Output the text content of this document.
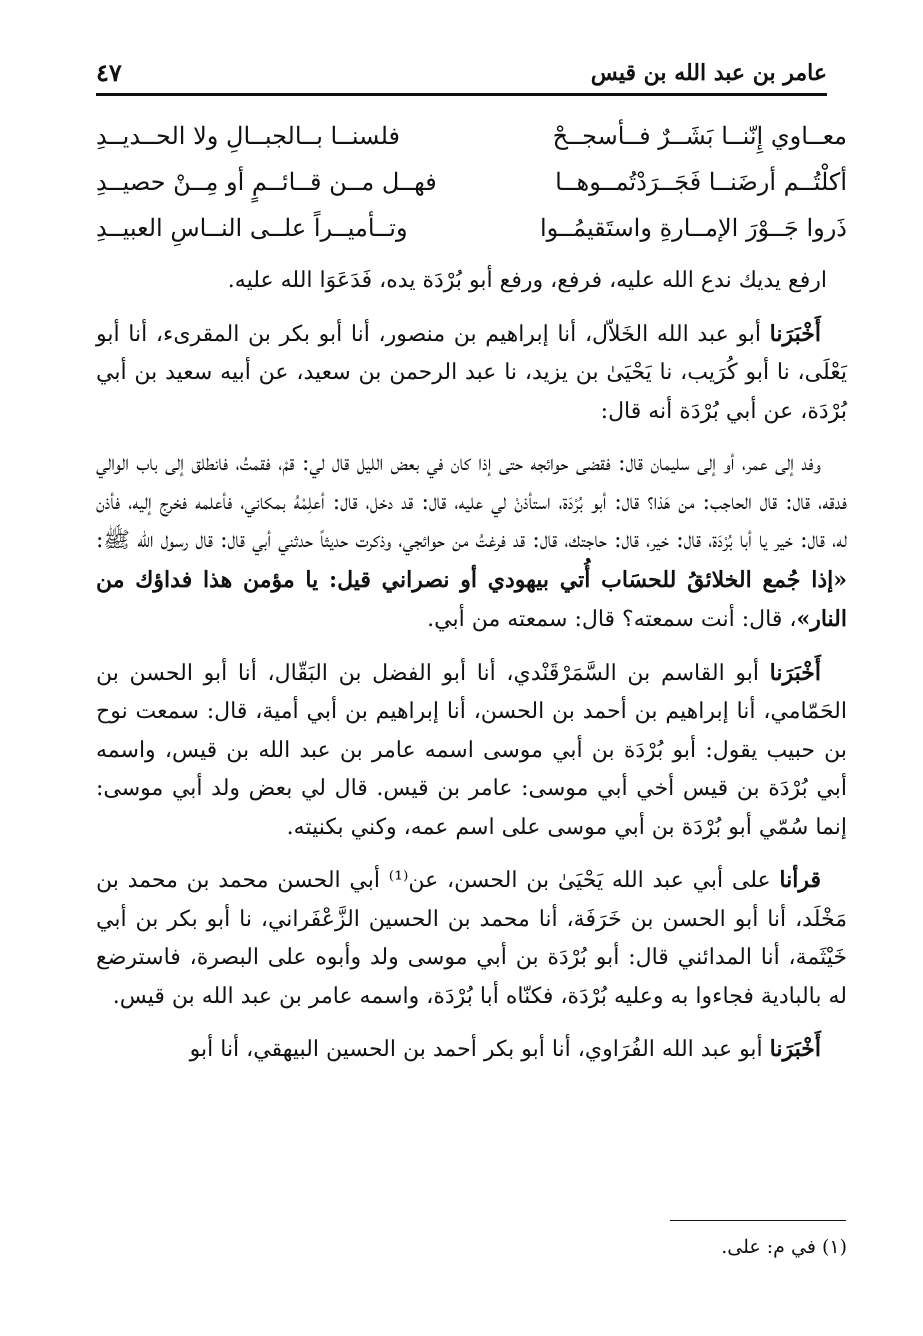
عامر بن عبد الله بن قيس
٤٧
معــاوي إِنّنــا بَشَــرٌ فــأسجــحْ
فلسنــا بــالجبــالِ ولا الحــديــدِ
أكلْتُــم أرضَنــا فَجَــرَدْتُمــوهــا
فهــل مــن قــائــمٍ أو مِــنْ حصيــدِ
ذَروا جَــوْرَ الإمــارةِ واستَقيمُــوا
وتــأميــراً علــى النــاسِ العبيــدِ

ارفع يديك ندع الله عليه، فرفع، ورفع أبو بُرْدَة يده، فَدَعَوَا الله عليه.

أَخْبَرَنا أبو عبد الله الخَلاّل، أنا إبراهيم بن منصور، أنا أبو بكر بن المقرىء، أنا أبو يَعْلَى، نا أبو كُرَيب، نا يَحْيَىٰ بن يزيد، نا عبد الرحمن بن سعيد، عن أبيه سعيد بن أبي بُرْدَة، عن أبي بُرْدَة أنه قال:

وفد إلى عمر، أو إلى سليمان قال: فقضى حوائجه حتى إذا كان في بعض الليل قال لي: قمْ، فقمتُ، فانطلق إلى باب الوالي فدقه، قال: قال الحاجب: من هَذا؟ قال: أبو بُرْدَة، استأذنْ لي عليه، قال: قد دخل، قال: أعلِمْهُ بمكاني، فأعلمه فخرج إليه، فأذن له، قال: خير يا أبا بُرْدَة، قال: خير، قال: حاجتك، قال: قد فرغتُ من حوائجي، وذكرت حديثاً حدثني أبي قال: قال رسول الله ﷺ: «إذا جُمع الخلائقُ للحسَاب أُتي بيهودي أو نصراني قيل: يا مؤمن هذا فداؤك من النار»، قال: أنت سمعته؟ قال: سمعته من أبي.

أَخْبَرَنا أبو القاسم بن السَّمَرْقَنْدي، أنا أبو الفضل بن البَقّال، أنا أبو الحسن بن الحَمّامي، أنا إبراهيم بن أحمد بن الحسن، أنا إبراهيم بن أبي أمية، قال: سمعت نوح بن حبيب يقول: أبو بُرْدَة بن أبي موسى اسمه عامر بن عبد الله بن قيس، واسمه أبي بُرْدَة بن قيس أخي أبي موسى: عامر بن قيس. قال لي بعض ولد أبي موسى: إنما سُمّي أبو بُرْدَة بن أبي موسى على اسم عمه، وكني بكنيته.

قرأنا على أبي عبد الله يَحْيَىٰ بن الحسن، عن⁽¹⁾ أبي الحسن محمد بن محمد بن مَخْلَد، أنا أبو الحسن بن خَرَفَة، أنا محمد بن الحسين الزَّعْفَراني، نا أبو بكر بن أبي خَيْثَمة، أنا المدائني قال: أبو بُرْدَة بن أبي موسى ولد وأبوه على البصرة، فاسترضع له بالبادية فجاءوا به وعليه بُرْدَة، فكنّاه أبا بُرْدَة، واسمه عامر بن عبد الله بن قيس.

أَخْبَرَنا أبو عبد الله الفُرَاوي، أنا أبو بكر أحمد بن الحسين البيهقي، أنا أبو

(١) في م: على.
